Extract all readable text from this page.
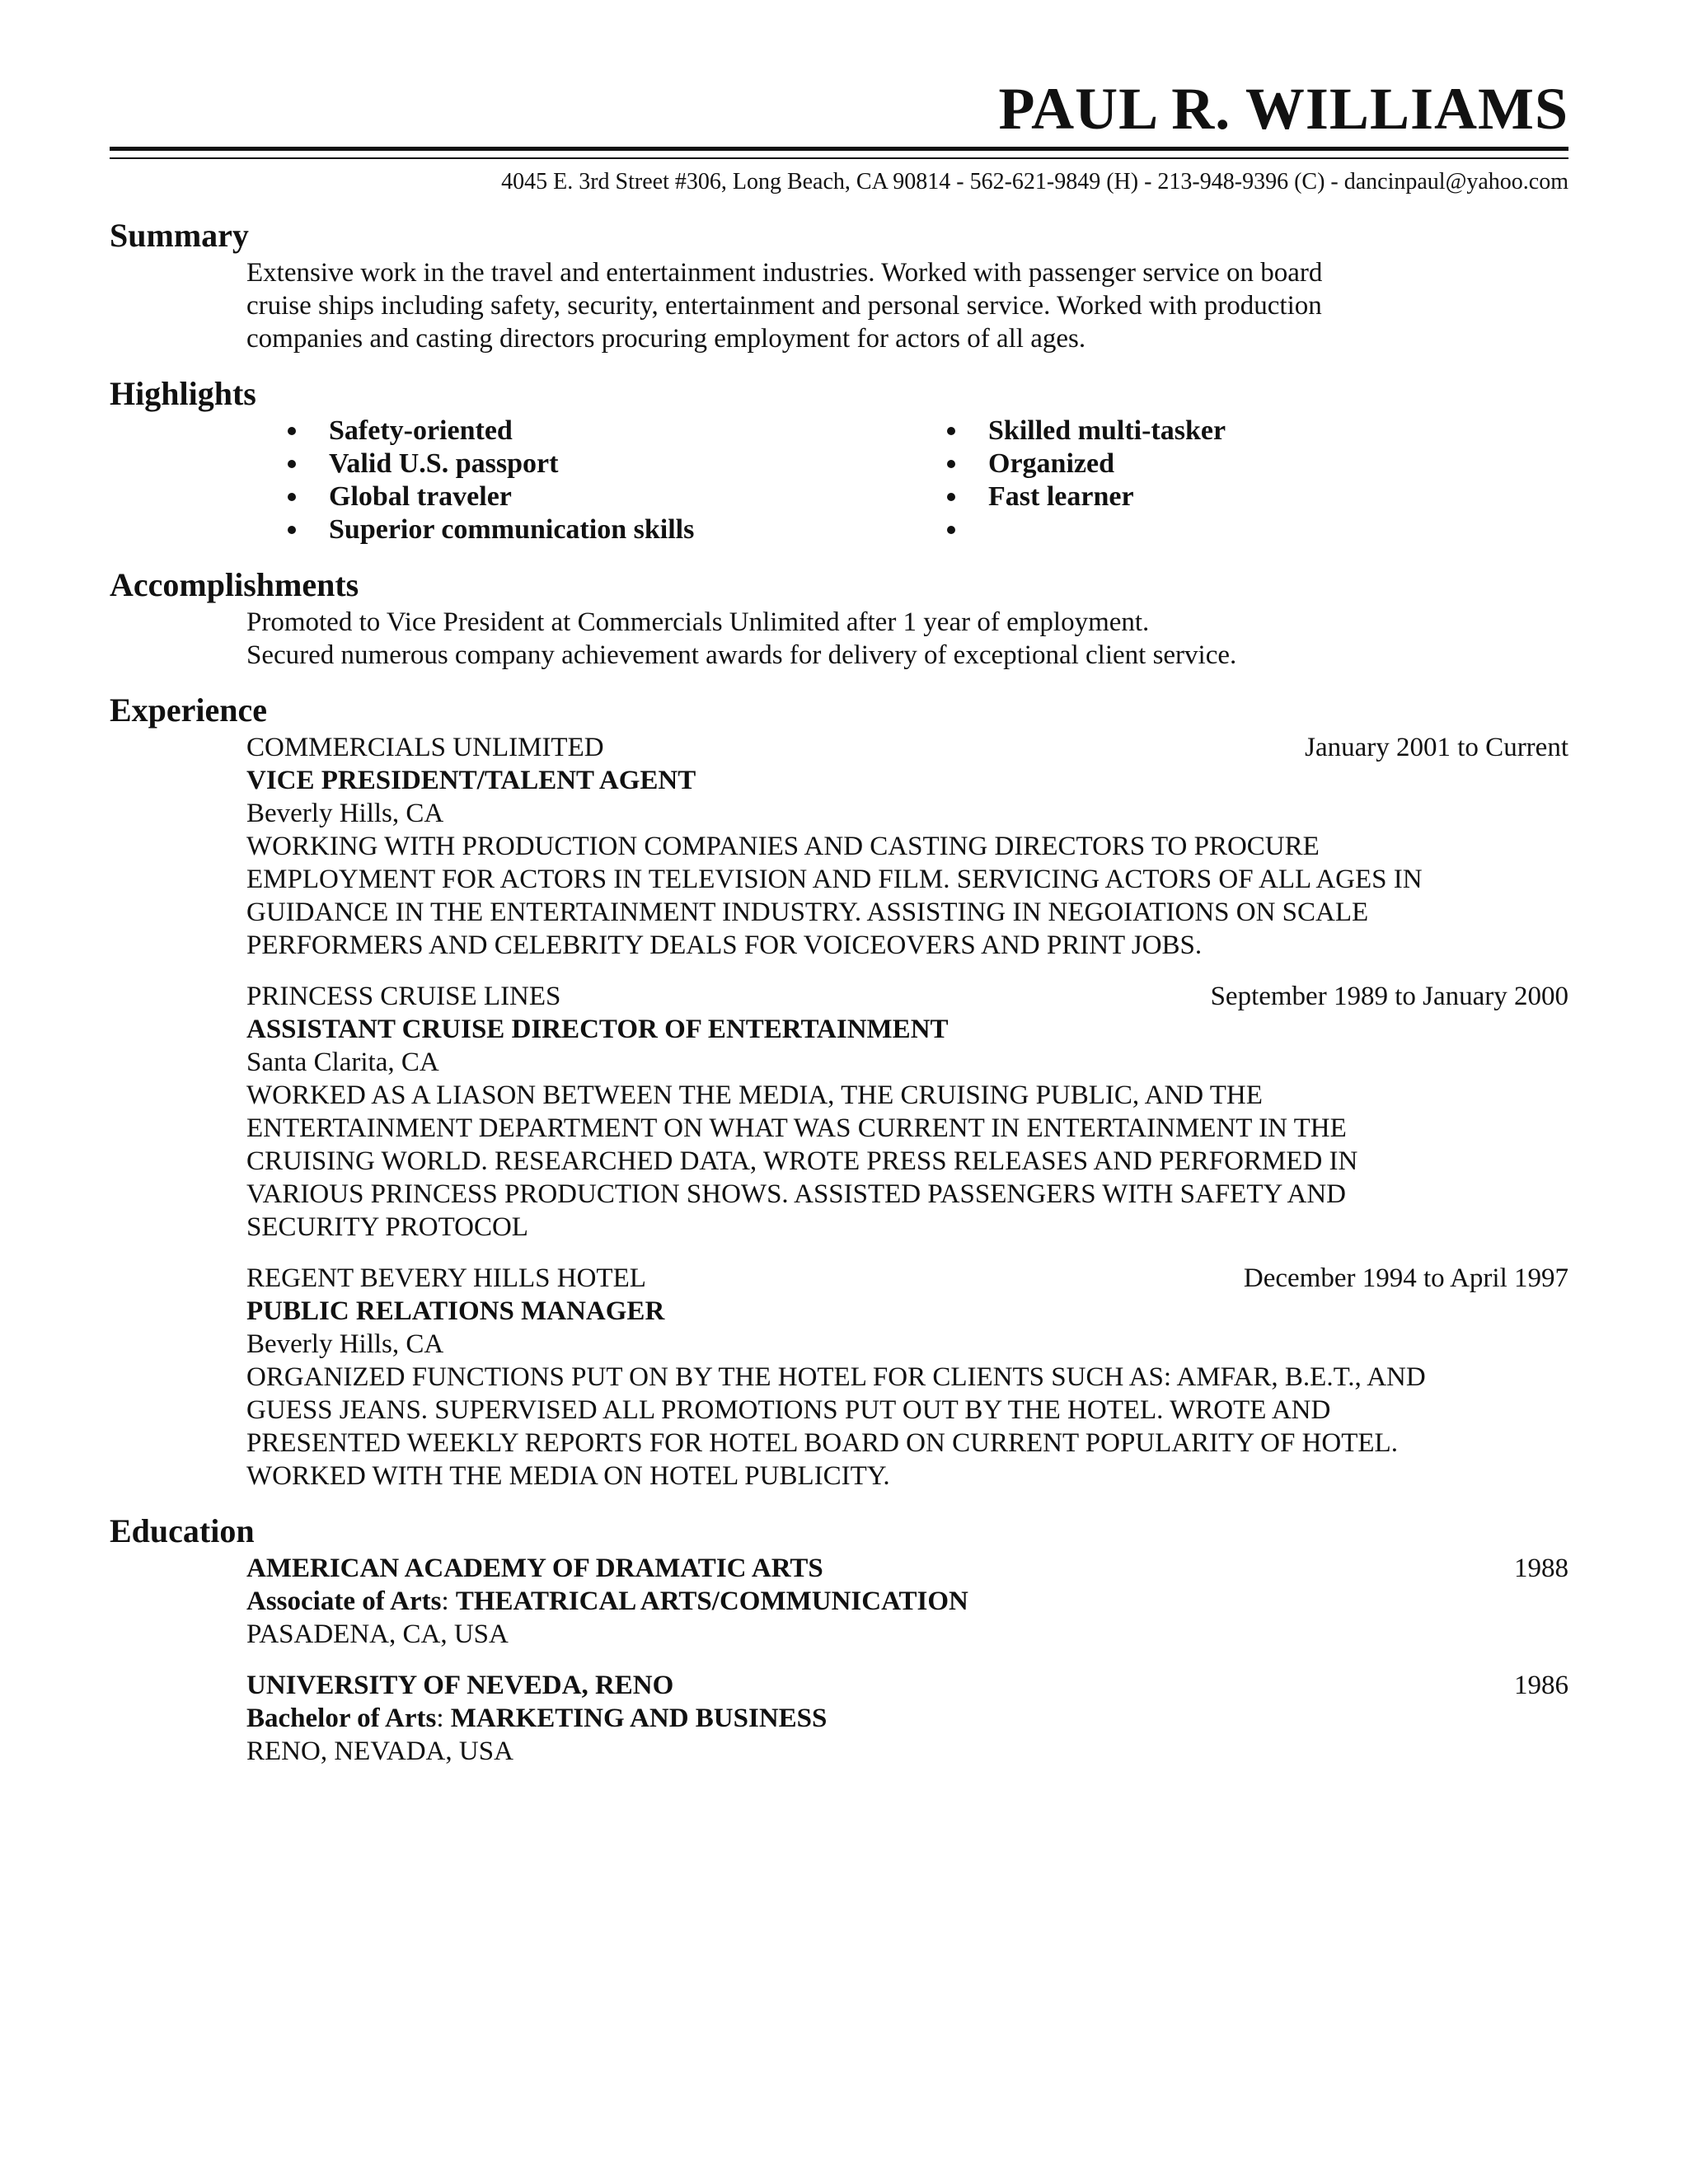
PAUL R. WILLIAMS
4045 E. 3rd Street #306, Long Beach, CA 90814 - 562-621-9849 (H) - 213-948-9396 (C) - dancinpaul@yahoo.com
Summary
Extensive work in the travel and entertainment industries. Worked with passenger service on board
cruise ships including safety, security, entertainment and personal service. Worked with production
companies and casting directors procuring employment for actors of all ages.
Highlights
Safety-oriented	Skilled multi-tasker
Valid U.S. passport	Organized
Global traveler	Fast learner
Superior communication skills
Accomplishments
Promoted to Vice President at Commercials Unlimited after 1 year of employment.
Secured numerous company achievement awards for delivery of exceptional client service.
Experience
COMMERCIALS UNLIMITED	January 2001 to Current
VICE PRESIDENT/TALENT AGENT
Beverly Hills, CA
WORKING WITH PRODUCTION COMPANIES AND CASTING DIRECTORS TO PROCURE
EMPLOYMENT FOR ACTORS IN TELEVISION AND FILM. SERVICING ACTORS OF ALL AGES IN
GUIDANCE IN THE ENTERTAINMENT INDUSTRY. ASSISTING IN NEGOIATIONS ON SCALE
PERFORMERS AND CELEBRITY DEALS FOR VOICEOVERS AND PRINT JOBS.
PRINCESS CRUISE LINES	September 1989 to January 2000
ASSISTANT CRUISE DIRECTOR OF ENTERTAINMENT
Santa Clarita, CA
WORKED AS A LIASON BETWEEN THE MEDIA, THE CRUISING PUBLIC, AND THE
ENTERTAINMENT DEPARTMENT ON WHAT WAS CURRENT IN ENTERTAINMENT IN THE
CRUISING WORLD. RESEARCHED DATA, WROTE PRESS RELEASES AND PERFORMED IN
VARIOUS PRINCESS PRODUCTION SHOWS. ASSISTED PASSENGERS WITH SAFETY AND
SECURITY PROTOCOL
REGENT BEVERY HILLS HOTEL	December 1994 to April 1997
PUBLIC RELATIONS MANAGER
Beverly Hills, CA
ORGANIZED FUNCTIONS PUT ON BY THE HOTEL FOR CLIENTS SUCH AS: AMFAR, B.E.T., AND
GUESS JEANS. SUPERVISED ALL PROMOTIONS PUT OUT BY THE HOTEL. WROTE AND
PRESENTED WEEKLY REPORTS FOR HOTEL BOARD ON CURRENT POPULARITY OF HOTEL.
WORKED WITH THE MEDIA ON HOTEL PUBLICITY.
Education
AMERICAN ACADEMY OF DRAMATIC ARTS	1988
Associate of Arts: THEATRICAL ARTS/COMMUNICATION
PASADENA, CA, USA
UNIVERSITY OF NEVEDA, RENO	1986
Bachelor of Arts: MARKETING AND BUSINESS
RENO, NEVADA, USA
